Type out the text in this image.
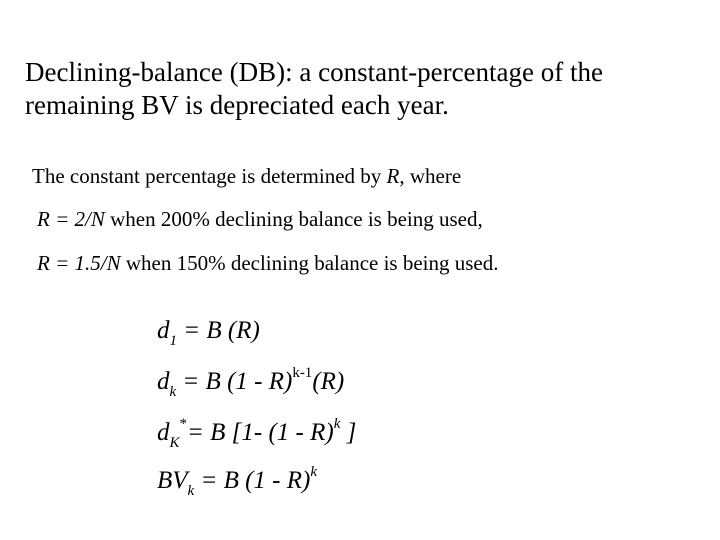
Declining-balance (DB): a constant-percentage of the
remaining BV is depreciated each year.
The constant percentage is determined by R, where
R = 2/N when 200% declining balance is being used,
R = 1.5/N when 150% declining balance is being used.
$d_1 = B$ (R)
$d_k = B$ (1 - R)$^{k-1}$(R)
$d_K^*= B$ [1- (1 - R)$^k$ ]
$BV_k = B$ (1 - R)$^k$
